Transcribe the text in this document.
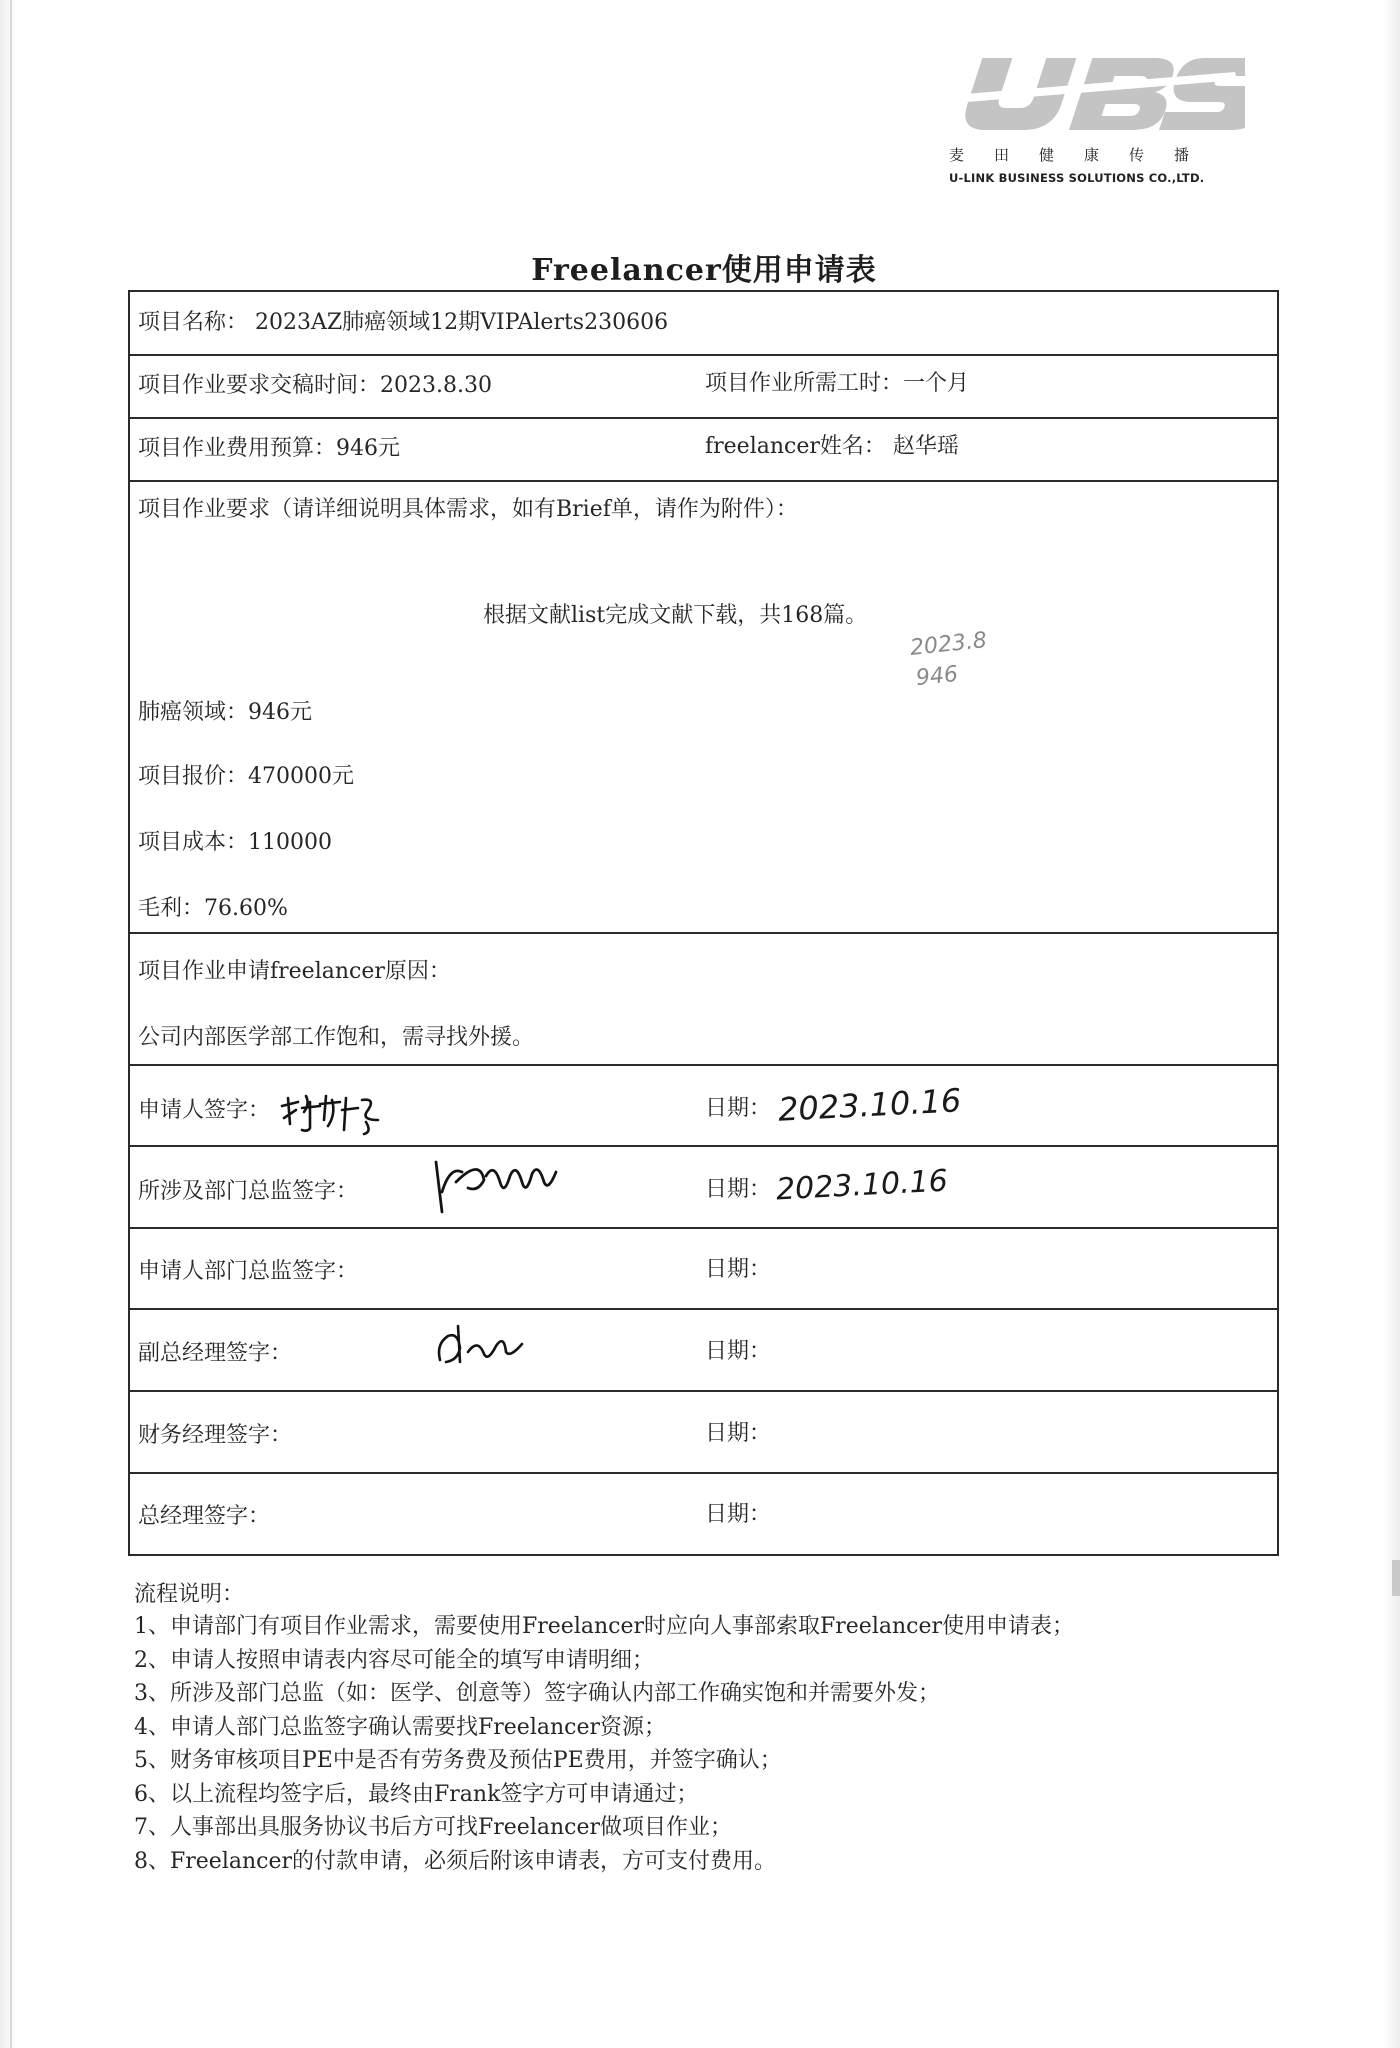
麦田健康传播
U-LINK BUSINESS SOLUTIONS CO.,LTD.
Freelancer使用申请表
项目名称： 2023AZ肺癌领域12期VIPAlerts230606
项目作业要求交稿时间：2023.8.30	项目作业所需工时：一个月
项目作业费用预算：946元	freelancer姓名： 赵华瑶
项目作业要求（请详细说明具体需求，如有Brief单，请作为附件）：
根据文献list完成文献下载，共168篇。
2023.8
946
肺癌领域：946元
项目报价：470000元
项目成本：110000
毛利：76.60%
项目作业申请freelancer原因：
公司内部医学部工作饱和，需寻找外援。
申请人签字：	日期： 2023.10.16
所涉及部门总监签字：	日期： 2023.10.16
申请人部门总监签字：	日期：
副总经理签字：	日期：
财务经理签字：	日期：
总经理签字：	日期：
流程说明：
1、申请部门有项目作业需求，需要使用Freelancer时应向人事部索取Freelancer使用申请表；
2、申请人按照申请表内容尽可能全的填写申请明细；
3、所涉及部门总监（如：医学、创意等）签字确认内部工作确实饱和并需要外发；
4、申请人部门总监签字确认需要找Freelancer资源；
5、财务审核项目PE中是否有劳务费及预估PE费用，并签字确认；
6、以上流程均签字后，最终由Frank签字方可申请通过；
7、人事部出具服务协议书后方可找Freelancer做项目作业；
8、Freelancer的付款申请，必须后附该申请表，方可支付费用。
